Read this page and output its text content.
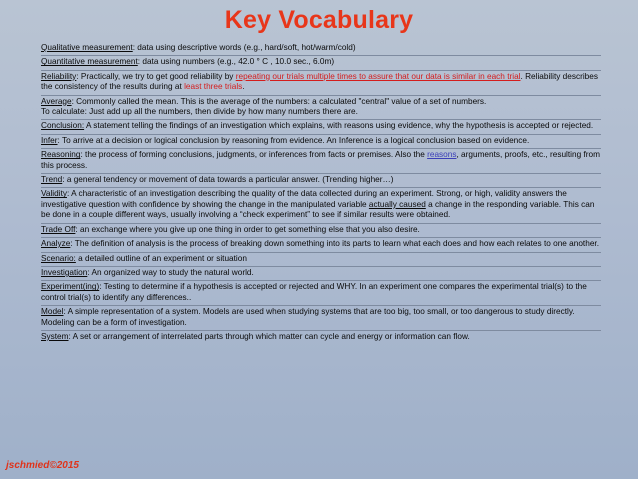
Key Vocabulary
Qualitative measurement: data using descriptive words (e.g., hard/soft, hot/warm/cold)
Quantitative measurement: data using numbers (e.g., 42.0 ° C , 10.0 sec., 6.0m)
Reliability: Practically, we try to get good reliability by repeating our trials multiple times to assure that our data is similar in each trial. Reliability describes the consistency of the results during at least three trials.
Average: Commonly called the mean. This is the average of the numbers: a calculated "central" value of a set of numbers.
To calculate: Just add up all the numbers, then divide by how many numbers there are.
Conclusion: A statement telling the findings of an investigation which explains, with reasons using evidence, why the hypothesis is accepted or rejected.
Infer: To arrive at a decision or logical conclusion by reasoning from evidence. An Inference is a logical conclusion based on evidence.
Reasoning: the process of forming conclusions, judgments, or inferences from facts or premises. Also the reasons, arguments, proofs, etc., resulting from this process.
Trend: a general tendency or movement of data towards a particular answer. (Trending higher…)
Validity: A characteristic of an investigation describing the quality of the data collected during an experiment. Strong, or high, validity answers the investigative question with confidence by showing the change in the manipulated variable actually caused a change in the responding variable. This can be done in a couple different ways, usually involving a “check experiment” to see if similar results were obtained.
Trade Off: an exchange where you give up one thing in order to get something else that you also desire.
Analyze: The definition of analysis is the process of breaking down something into its parts to learn what each does and how each relates to one another.
Scenario: a detailed outline of an experiment or situation
Investigation: An organized way to study the natural world.
Experiment(ing): Testing to determine if a hypothesis is accepted or rejected and WHY. In an experiment one compares the experimental trial(s) to the control trial(s) to identify any differences..
Model: A simple representation of a system. Models are used when studying systems that are too big, too small, or too dangerous to study directly. Modeling can be a form of investigation.
System: A set or arrangement of interrelated parts through which matter can cycle and energy or information can flow.
jschmied©2015
